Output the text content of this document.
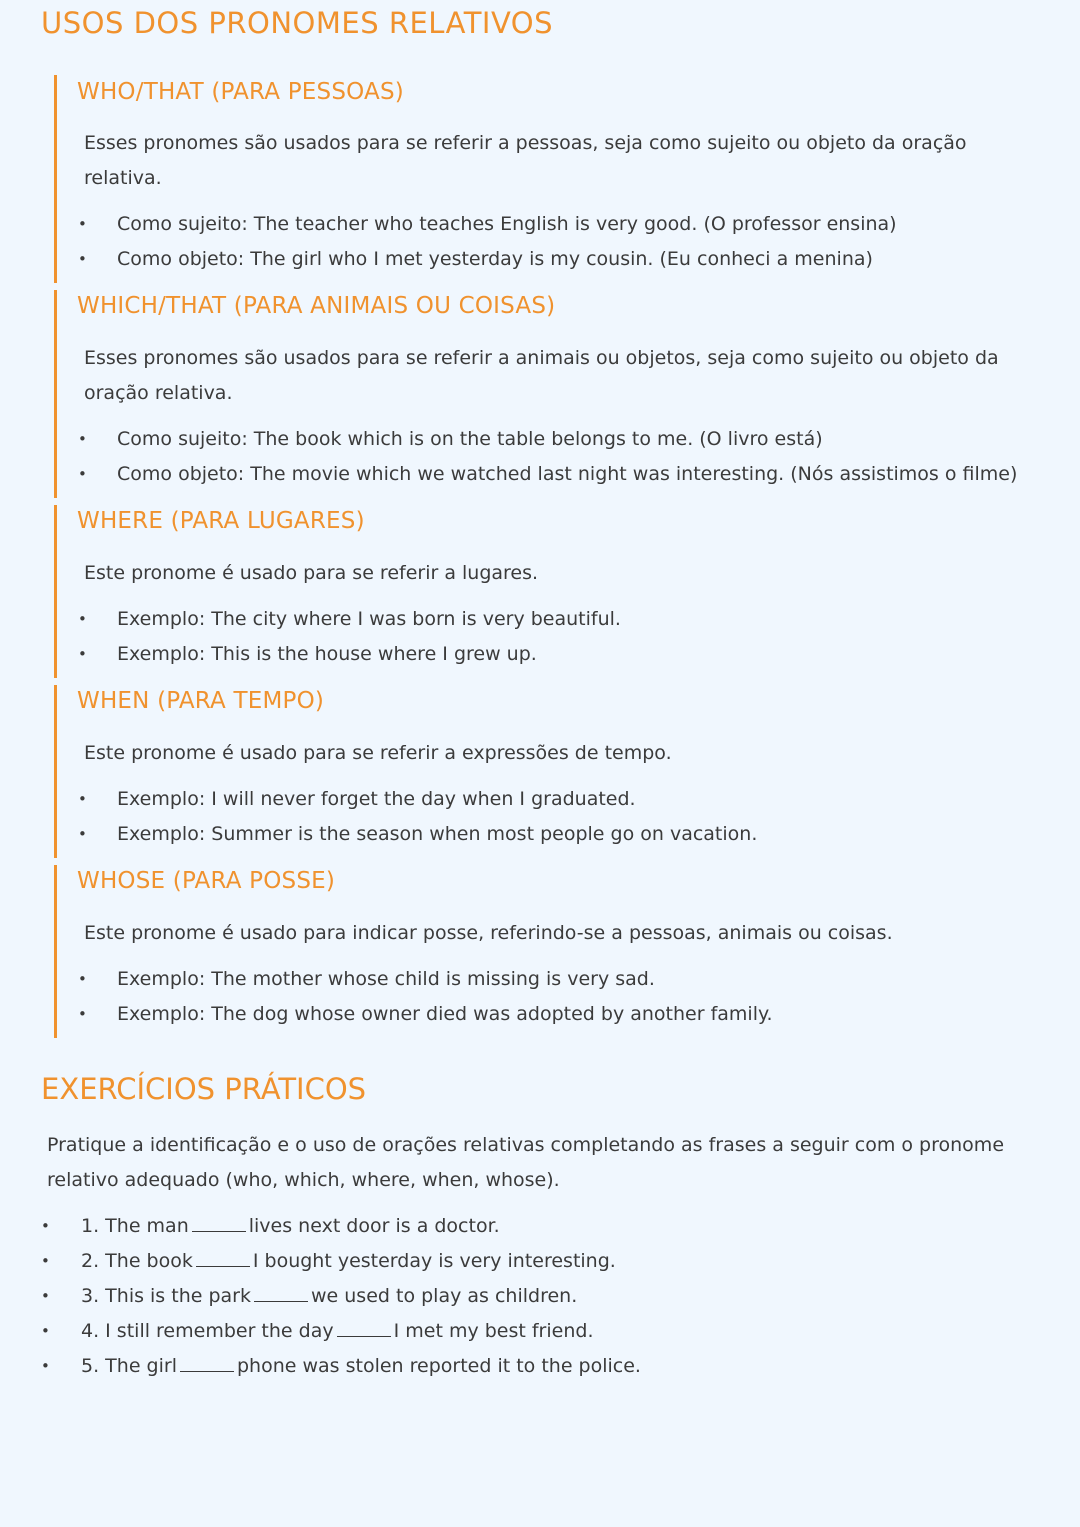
USOS DOS PRONOMES RELATIVOS
WHO/THAT (PARA PESSOAS)

Esses pronomes são usados para se referir a pessoas, seja como sujeito ou objeto da oração relativa.

• Como sujeito: The teacher who teaches English is very good. (O professor ensina)
• Como objeto: The girl who I met yesterday is my cousin. (Eu conheci a menina)
WHICH/THAT (PARA ANIMAIS OU COISAS)

Esses pronomes são usados para se referir a animais ou objetos, seja como sujeito ou objeto da oração relativa.

• Como sujeito: The book which is on the table belongs to me. (O livro está)
• Como objeto: The movie which we watched last night was interesting. (Nós assistimos o filme)
WHERE (PARA LUGARES)

Este pronome é usado para se referir a lugares.

• Exemplo: The city where I was born is very beautiful.
• Exemplo: This is the house where I grew up.
WHEN (PARA TEMPO)

Este pronome é usado para se referir a expressões de tempo.

• Exemplo: I will never forget the day when I graduated.
• Exemplo: Summer is the season when most people go on vacation.
WHOSE (PARA POSSE)

Este pronome é usado para indicar posse, referindo-se a pessoas, animais ou coisas.

• Exemplo: The mother whose child is missing is very sad.
• Exemplo: The dog whose owner died was adopted by another family.
EXERCÍCIOS PRÁTICOS

Pratique a identificação e o uso de orações relativas completando as frases a seguir com o pronome relativo adequado (who, which, where, when, whose).

• 1. The man	lives next door is a doctor.
• 2. The book	I bought yesterday is very interesting.
• 3. This is the park	we used to play as children.
• 4. I still remember the day	I met my best friend.
• 5. The girl	phone was stolen reported it to the police.
